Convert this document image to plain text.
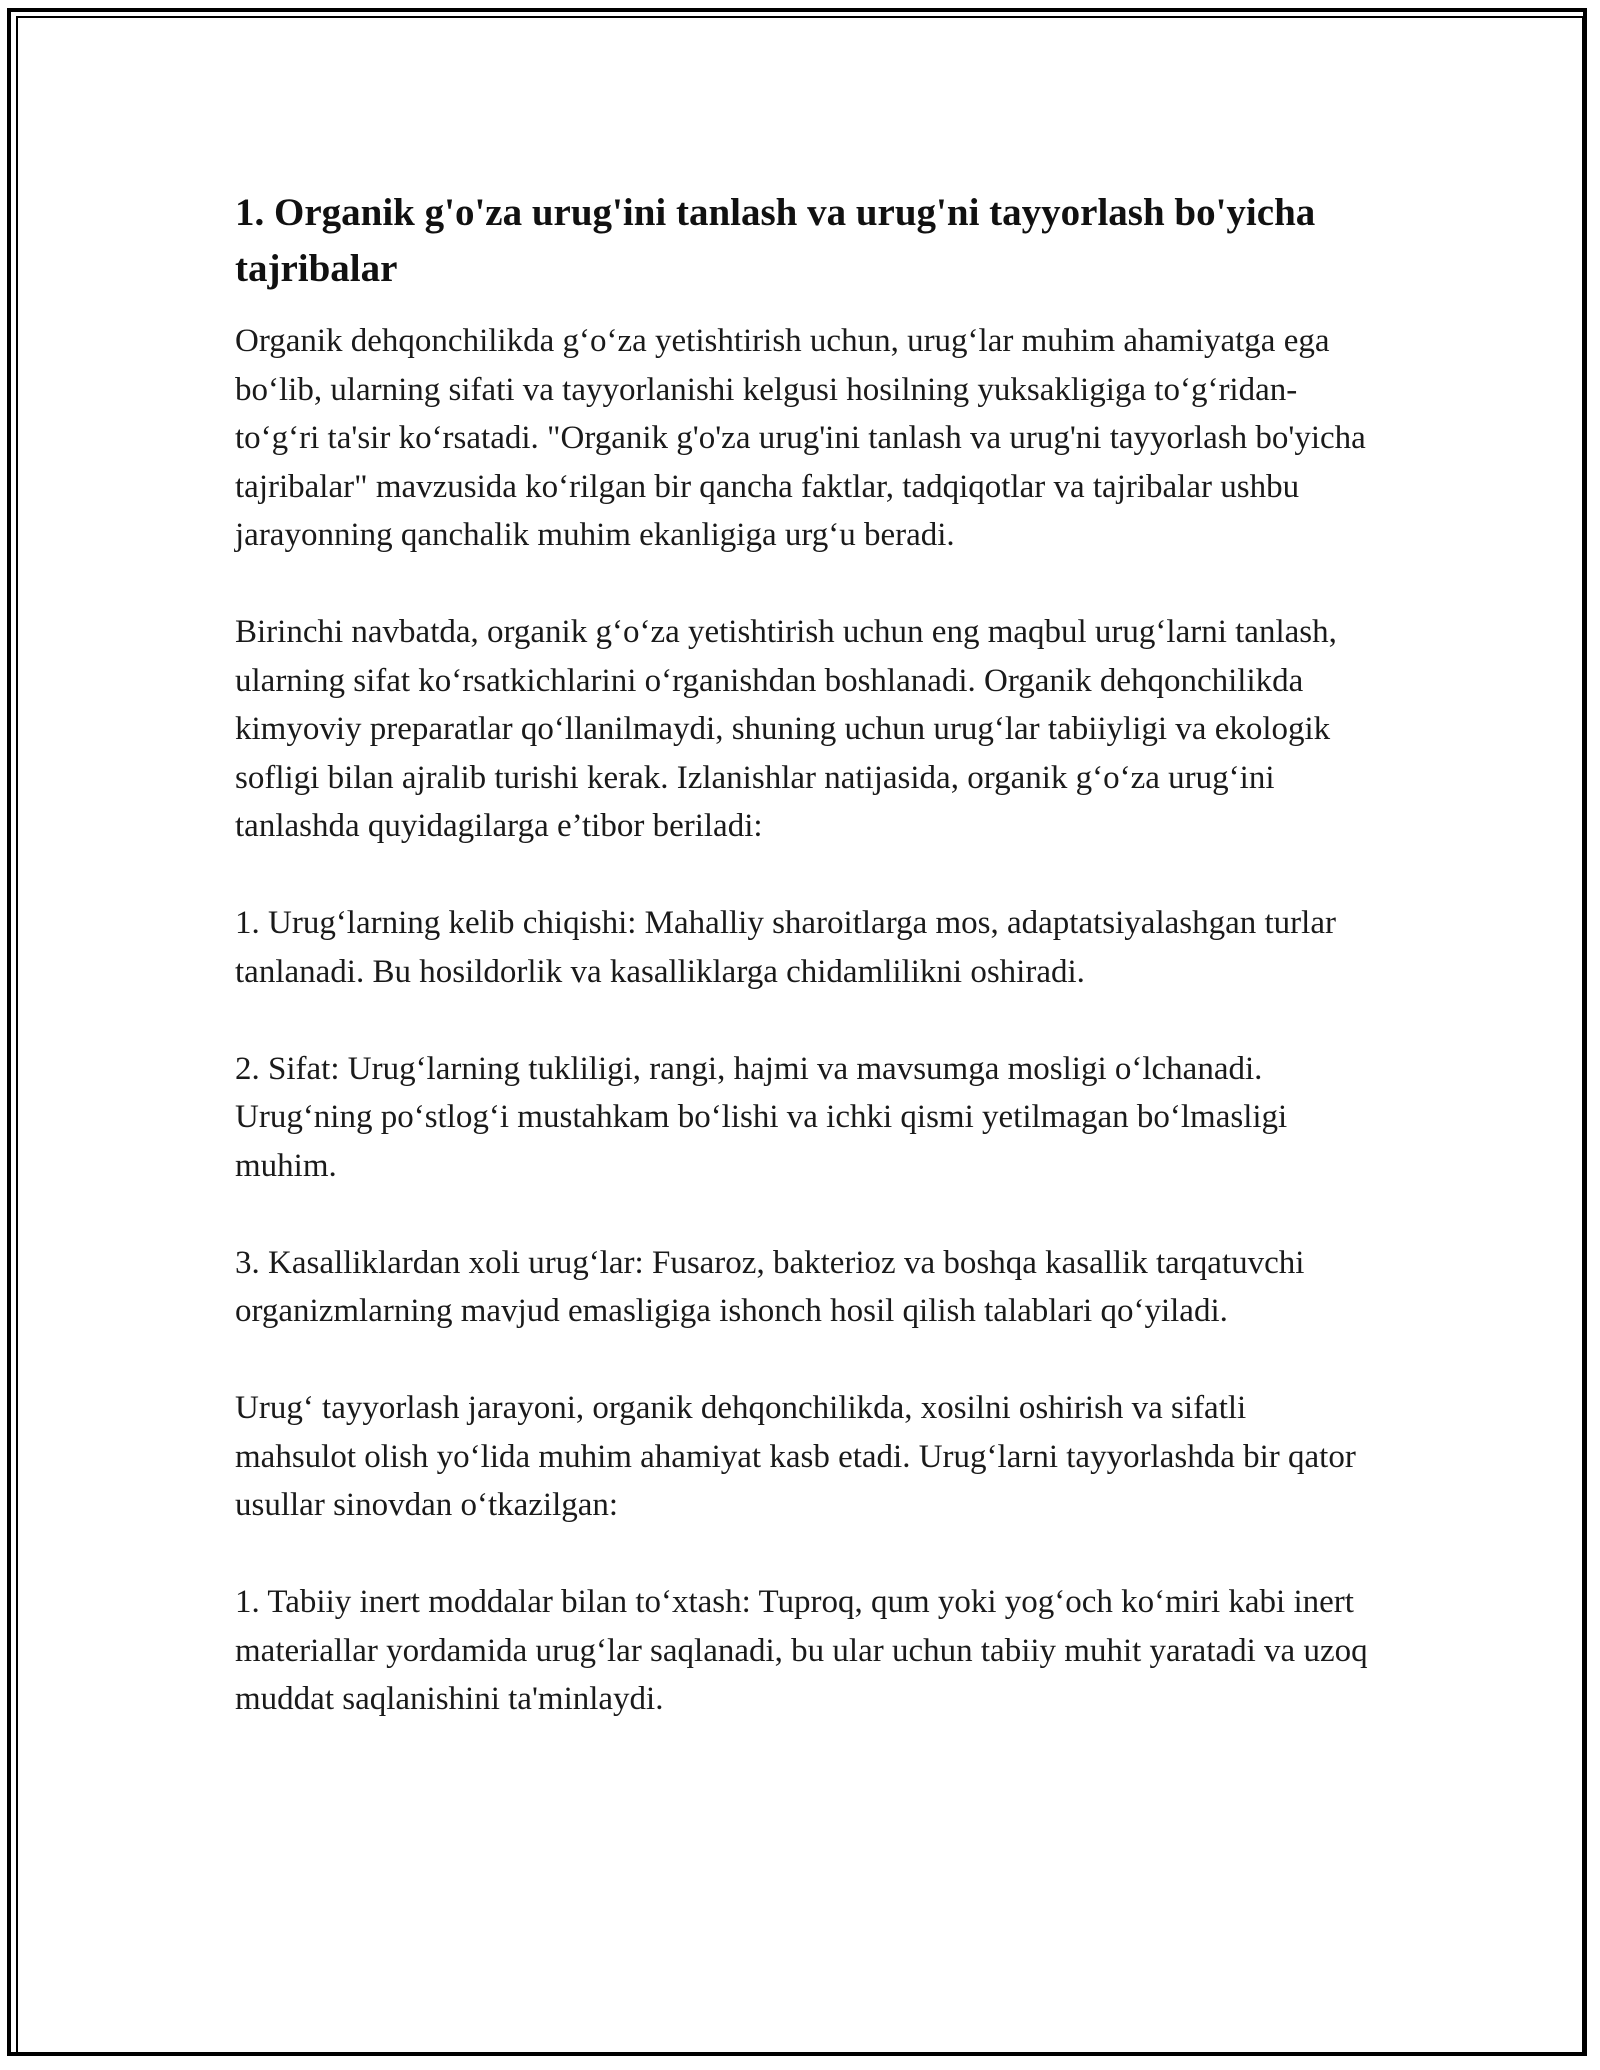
1. Organik g'o'za urug'ini tanlash va urug'ni tayyorlash bo'yicha tajribalar

Organik dehqonchilikda g‘o‘za yetishtirish uchun, urug‘lar muhim ahamiyatga ega bo‘lib, ularning sifati va tayyorlanishi kelgusi hosilning yuksakligiga to‘g‘ridan-to‘g‘ri ta'sir ko‘rsatadi. "Organik g'o'za urug'ini tanlash va urug'ni tayyorlash bo'yicha tajribalar" mavzusida ko‘rilgan bir qancha faktlar, tadqiqotlar va tajribalar ushbu jarayonning qanchalik muhim ekanligiga urg‘u beradi.

Birinchi navbatda, organik g‘o‘za yetishtirish uchun eng maqbul urug‘larni tanlash, ularning sifat ko‘rsatkichlarini o‘rganishdan boshlanadi. Organik dehqonchilikda kimyoviy preparatlar qo‘llanilmaydi, shuning uchun urug‘lar tabiiyligi va ekologik sofligi bilan ajralib turishi kerak. Izlanishlar natijasida, organik g‘o‘za urug‘ini tanlashda quyidagilarga e’tibor beriladi:

1. Urug‘larning kelib chiqishi: Mahalliy sharoitlarga mos, adaptatsiyalashgan turlar tanlanadi. Bu hosildorlik va kasalliklarga chidamlilikni oshiradi.

2. Sifat: Urug‘larning tukliligi, rangi, hajmi va mavsumga mosligi o‘lchanadi. Urug‘ning po‘stlog‘i mustahkam bo‘lishi va ichki qismi yetilmagan bo‘lmasligi muhim.

3. Kasalliklardan xoli urug‘lar: Fusaroz, bakterioz va boshqa kasallik tarqatuvchi organizmlarning mavjud emasligiga ishonch hosil qilish talablari qo‘yiladi.

Urug‘ tayyorlash jarayoni, organik dehqonchilikda, xosilni oshirish va sifatli mahsulot olish yo‘lida muhim ahamiyat kasb etadi. Urug‘larni tayyorlashda bir qator usullar sinovdan o‘tkazilgan:

1. Tabiiy inert moddalar bilan to‘xtash: Tuproq, qum yoki yog‘och ko‘miri kabi inert materiallar yordamida urug‘lar saqlanadi, bu ular uchun tabiiy muhit yaratadi va uzoq muddat saqlanishini ta'minlaydi.
